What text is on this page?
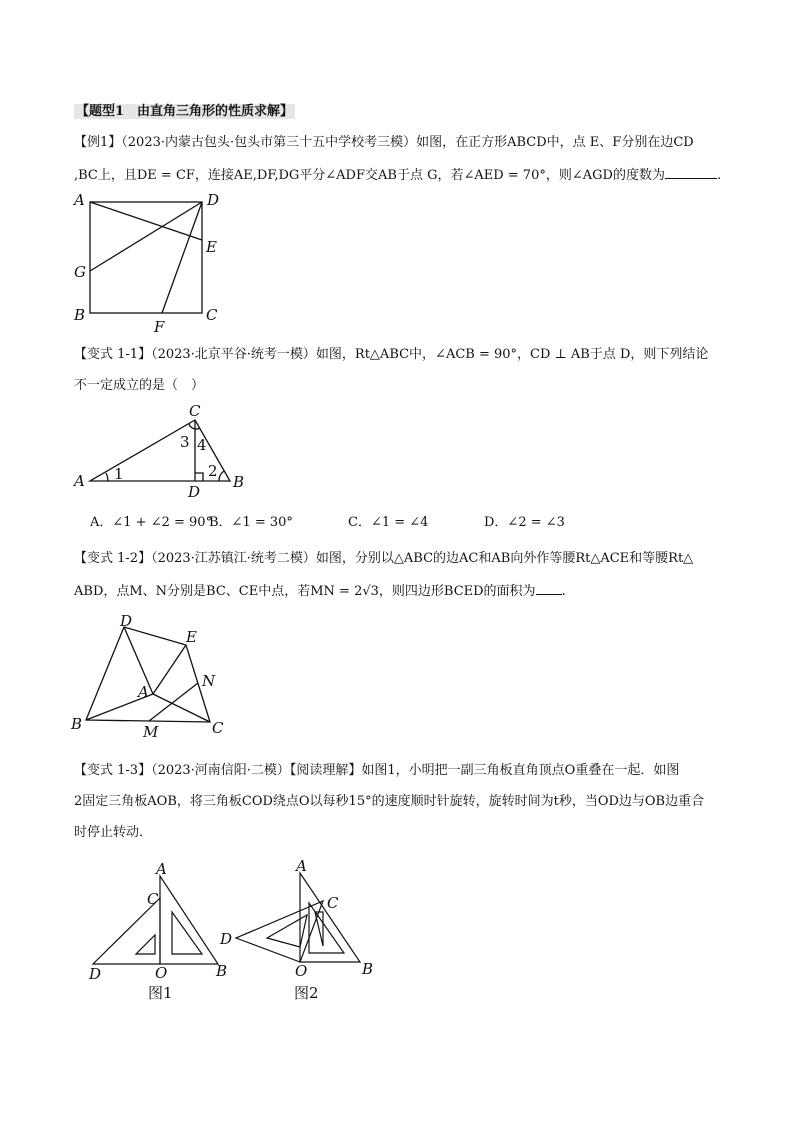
【题型1　由直角三角形的性质求解】
【例1】（2023·内蒙古包头·包头市第三十五中学校考三模）如图，在正方形ABCD中，点 E、F分别在边CD
,BC上，且DE = CF，连接AE,DF,DG平分∠ADF交AB于点 G，若∠AED = 70°，则∠AGD的度数为	.
A	D
E
G
B
F
C
【变式 1-1】（2023·北京平谷·统考一模）如图，Rt△ABC中，∠ACB = 90°，CD ⊥ AB于点 D，则下列结论
不一定成立的是（　）
C
A
D
B
1	2
3 4
A．∠1 + ∠2 = 90°
B．∠1 = 30°	C．∠1 = ∠4	D．∠2 = ∠3
【变式 1-2】（2023·江苏镇江·统考二模）如图，分别以△ABC的边AC和AB向外作等腰Rt△ACE和等腰Rt△
ABD，点M、N分别是BC、CE中点，若MN = 2√3，则四边形BCED的面积为 .
D
E
N
A
B	M	C
【变式 1-3】（2023·河南信阳·二模）【阅读理解】如图1，小明把一副三角板直角顶点O重叠在一起．如图
2固定三角板AOB，将三角板COD绕点O以每秒15°的速度顺时针旋转，旋转时间为t秒，当OD边与OB边重合
时停止转动．
A
C
D	O	B
图1
A
C
D
O	B
图2
